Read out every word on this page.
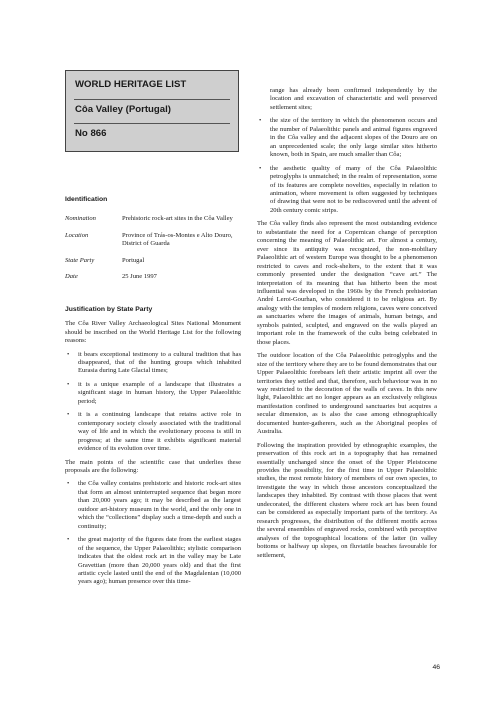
WORLD HERITAGE LIST
Côa Valley (Portugal)
No 866
Identification
Nomination	Prehistoric rock-art sites in the Côa Valley
Location	Province of Trás-os-Montes e Alto Douro, District of Guarda
State Party	Portugal
Date	25 June 1997
Justification by State Party

The Côa River Valley Archaeological Sites National Monument should be inscribed on the World Heritage List for the following reasons:

• it bears exceptional testimony to a cultural tradition that has disappeared, that of the hunting groups which inhabited Eurasia during Late Glacial times;
• it is a unique example of a landscape that illustrates a significant stage in human history, the Upper Palaeolithic period;
• it is a continuing landscape that retains active role in contemporary society closely associated with the traditional way of life and in which the evolutionary process is still in progress; at the same time it exhibits significant material evidence of its evolution over time.

The main points of the scientific case that underlies these proposals are the following:

• the Côa valley contains prehistoric and historic rock-art sites that form an almost uninterrupted sequence that began more than 20,000 years ago; it may be described as the largest outdoor art-history museum in the world, and the only one in which the “collections” display such a time-depth and such a continuity;
• the great majority of the figures date from the earliest stages of the sequence, the Upper Palaeolithic; stylistic comparison indicates that the oldest rock art in the valley may be Late Gravettian (more than 20,000 years old) and that the first artistic cycle lasted until the end of the Magdalenian (10,000 years ago); human presence over this time-

range has already been confirmed independently by the location and excavation of characteristic and well preserved settlement sites;

• the size of the territory in which the phenomenon occurs and the number of Palaeolithic panels and animal figures engraved in the Côa valley and the adjacent slopes of the Douro are on an unprecedented scale; the only large similar sites hitherto known, both in Spain, are much smaller than Côa;
• the aesthetic quality of many of the Côa Palaeolithic petroglyphs is unmatched; in the realm of representation, some of its features are complete novelties, especially in relation to animation, where movement is often suggested by techniques of drawing that were not to be rediscovered until the advent of 20th century comic strips.

The Côa valley finds also represent the most outstanding evidence to substantiate the need for a Copernican change of perception concerning the meaning of Palaeolithic art. For almost a century, ever since its antiquity was recognized, the non-mobiliary Palaeolithic art of western Europe was thought to be a phenomenon restricted to caves and rock-shelters, to the extent that it was commonly presented under the designation “cave art.” The interpretation of its meaning that has hitherto been the most influential was developed in the 1960s by the French prehistorian André Leroi-Gourhan, who considered it to be religious art. By analogy with the temples of modern religions, caves were conceived as sanctuaries where the images of animals, human beings, and symbols painted, sculpted, and engraved on the walls played an important role in the framework of the cults being celebrated in those places.

The outdoor location of the Côa Palaeolithic petroglyphs and the size of the territory where they are to be found demonstrates that our Upper Palaeolithic forebears left their artistic imprint all over the territories they settled and that, therefore, such behaviour was in no way restricted to the decoration of the walls of caves. In this new light, Palaeolithic art no longer appears as an exclusively religious manifestation confined to underground sanctuaries but acquires a secular dimension, as is also the case among ethnographically documented hunter-gatherers, such as the Aboriginal peoples of Australia.

Following the inspiration provided by ethnographic examples, the preservation of this rock art in a topography that has remained essentially unchanged since the onset of the Upper Pleistocene provides the possibility, for the first time in Upper Palaeolithic studies, the most remote history of members of our own species, to investigate the way in which those ancestors conceptualized the landscapes they inhabited. By contrast with those places that went undecorated, the different clusters where rock art has been found can be considered as especially important parts of the territory. As research progresses, the distribution of the different motifs across the several ensembles of engraved rocks, combined with perceptive analyses of the topographical locations of the latter (in valley bottoms or halfway up slopes, on fluviatile beaches favourable for settlement,

46
